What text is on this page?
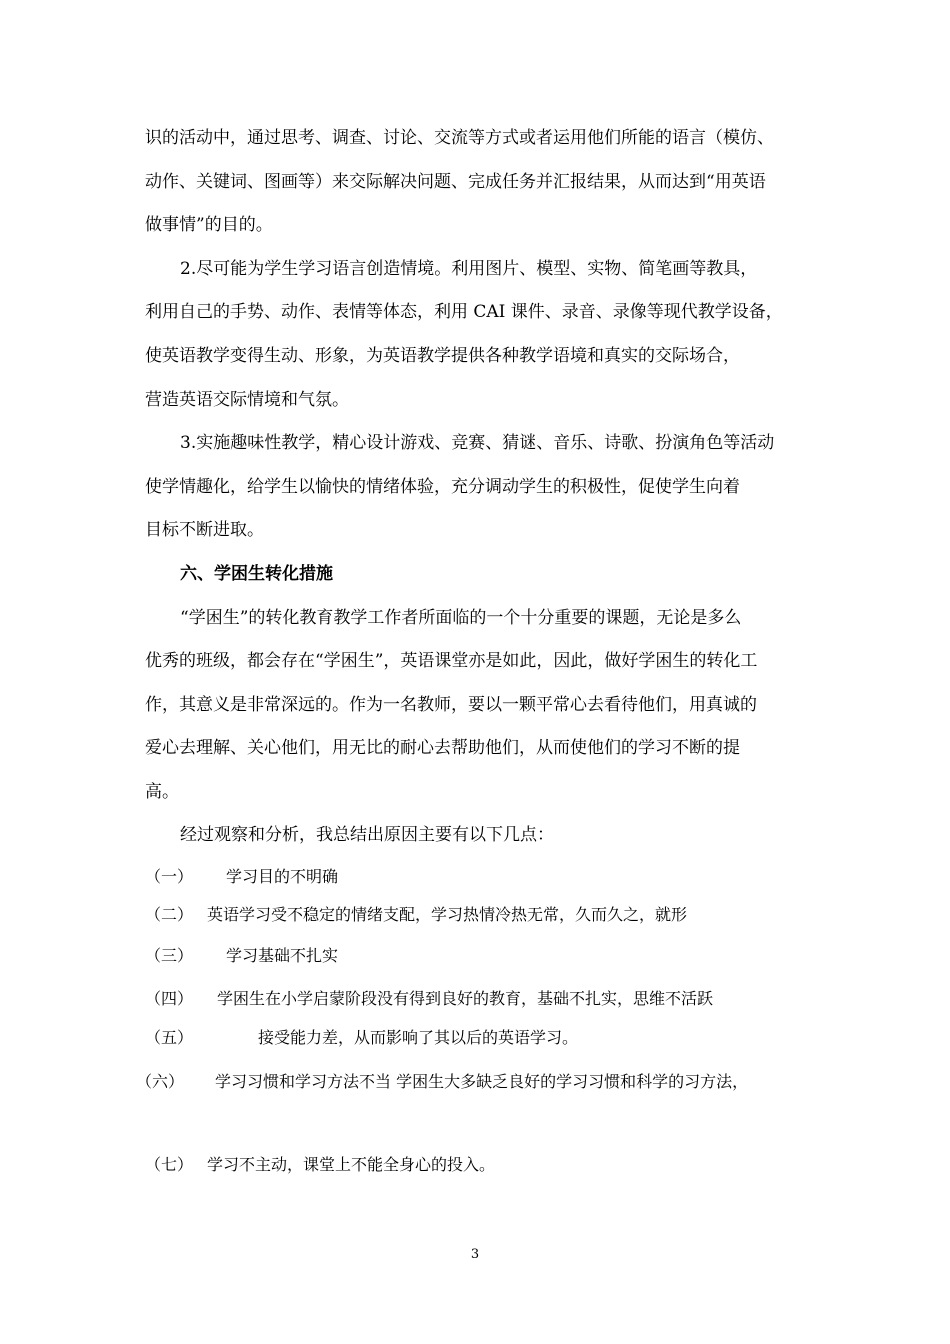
识的活动中，通过思考、调查、讨论、交流等方式或者运用他们所能的语言（模仿、
动作、关键词、图画等）来交际解决问题、完成任务并汇报结果，从而达到“用英语
做事情”的目的。
2.尽可能为学生学习语言创造情境。利用图片、模型、实物、简笔画等教具，
利用自己的手势、动作、表情等体态，利用 CAI 课件、录音、录像等现代教学设备，
使英语教学变得生动、形象，为英语教学提供各种教学语境和真实的交际场合，
营造英语交际情境和气氛。
3.实施趣味性教学，精心设计游戏、竞赛、猜谜、音乐、诗歌、扮演角色等活动
使学情趣化，给学生以愉快的情绪体验，充分调动学生的积极性，促使学生向着
目标不断进取。
六、学困生转化措施
“学困生”的转化教育教学工作者所面临的一个十分重要的课题，无论是多么
优秀的班级，都会存在“学困生”，英语课堂亦是如此，因此，做好学困生的转化工
作，其意义是非常深远的。作为一名教师，要以一颗平常心去看待他们，用真诚的
爱心去理解、关心他们，用无比的耐心去帮助他们，从而使他们的学习不断的提
高。
经过观察和分析，我总结出原因主要有以下几点：
（一） 学习目的不明确
（二） 英语学习受不稳定的情绪支配，学习热情冷热无常，久而久之，就形
（三） 学习基础不扎实
（四） 学困生在小学启蒙阶段没有得到良好的教育，基础不扎实，思维不活跃
（五）	接受能力差，从而影响了其以后的英语学习。
（六） 学习习惯和学习方法不当 学困生大多缺乏良好的学习习惯和科学的习方法，
（七） 学习不主动，课堂上不能全身心的投入。
3
